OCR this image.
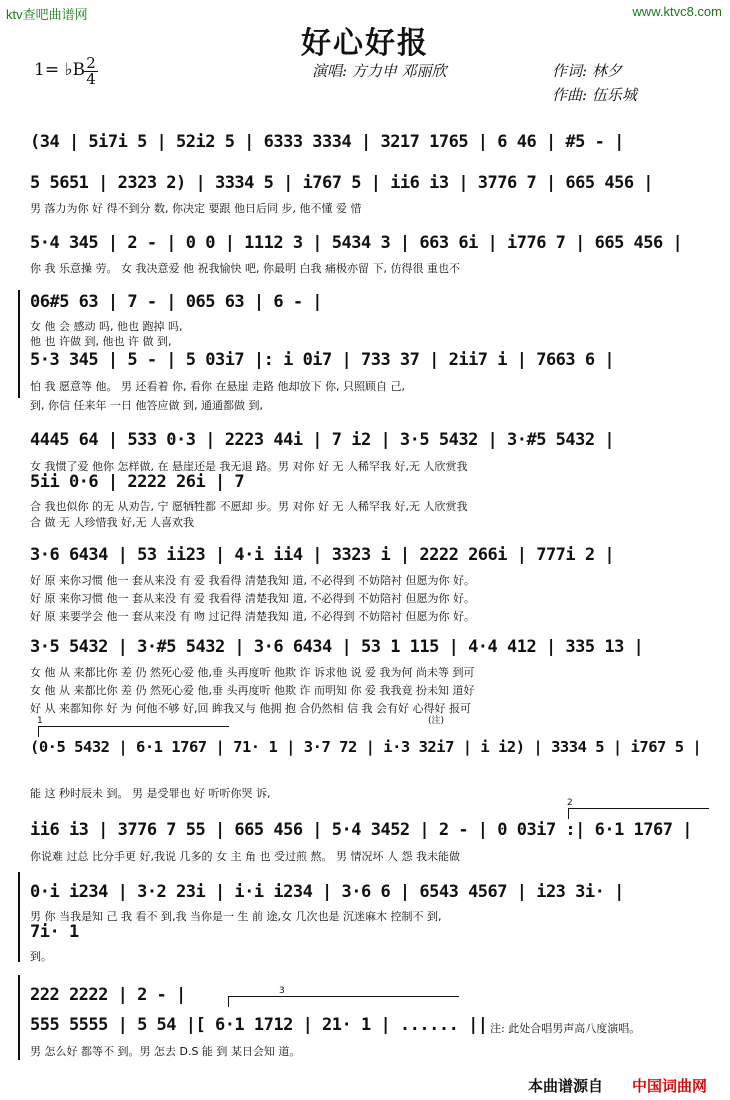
ktv查吧曲谱网	www.ktvc8.com
好心好报
1= ♭B 2
4	演唱: 方力申 邓丽欣	作词: 林夕
作曲: 伍乐城
(34 | 5i7i 5 | 52i2 5 | 6333 3334 | 3217 1765 | 6 46 | #5 - |
5 5651 | 2323 2) | 3334 5 | i767 5 | ii6 i3 | 3776 7 | 665 456 |
男 落力为你 好 得不到分 数, 你决定 要跟 他日后同 步, 他不懂 爱 惜
5·4 345 | 2 - | 0 0 | 1112 3 | 5434 3 | 663 6i | i776 7 | 665 456 |
你 我 乐意操 劳。 女 我决意爱 他 祝我愉快 吧, 你最明 白我 痛极亦留 下, 仿得很 重也不
06#5 63 | 7 - | 065 63 | 6 - |
女 他 会 感动 吗, 他也 跑掉 吗,
他 也 许做 到, 他也 许 做 到,
5·3 345 | 5 - | 5 03i7 |: i 0i7 | 733 37 | 2ii7 i | 7663 6 |
怕 我 愿意等 他。 男 还看着 你, 看你 在悬崖 走路 他却放下 你, 只照顾自 己,
到, 你信 任来年 一日 他答应做 到, 通通都做 到,
4445 64 | 533 0·3 | 2223 44i | 7 i2 | 3·5 5432 | 3·#5 5432 |
女 我惯了爱 他你 怎样做, 在 悬崖还是 我无退 路。男 对你 好 无 人稀罕我 好,无 人欣赏我
5ii 0·6 | 2222 26i | 7
合 我也似你 的无 从劝告, 宁 愿牺牲都 不愿却 步。男 对你 好 无 人稀罕我 好,无 人欣赏我
合 做 无 人珍惜我 好,无 人喜欢我
3·6 6434 | 53 ii23 | 4·i ii4 | 3323 i | 2222 266i | 777i 2 |
好 原 来你习惯 他一 套从来没 有 爱 我看得 清楚我知 道, 不必得到 不妨陪衬 但愿为你 好。
好 原 来你习惯 他一 套从来没 有 爱 我看得 清楚我知 道, 不必得到 不妨陪衬 但愿为你 好。
好 原 来要学会 他一 套从来没 有 吻 过记得 清楚我知 道, 不必得到 不妨陪衬 但愿为你 好。
3·5 5432 | 3·#5 5432 | 3·6 6434 | 53 1 115 | 4·4 412 | 335 13 |
女 他 从 来都比你 差 仍 然死心爱 他,垂 头再度听 他欺 诈 诉求他 说 爱 我为何 尚未等 到可
女 他 从 来都比你 差 仍 然死心爱 他,垂 头再度听 他欺 诈 而明知 你 爱 我我竟 扮未知 道好
好 从 来都知你 好 为 何他不够 好,回 眸我又与 他拥 抱 合仍然相 信 我 会有好 心得好 报可
(0·5 5432 | 6·1 1767 | 71· 1 | 3·7 72 | i·3 32i7 | i i2) | 3334 5 | i767 5 |
能 这 秒时辰未 到。 男 是受罪也 好 听听你哭 诉,
ii6 i3 | 3776 7 55 | 665 456 | 5·4 3452 | 2 - | 0 03i7 :| 6·1 1767 |
你说难 过总 比分手更 好,我说 几多的 女 主 角 也 受过煎 熬。 男 情况坏 人 怨 我未能做
0·i i234 | 3·2 23i | i·i i234 | 3·6 6 | 6543 4567 | i23 3i· |
男 你 当我是知 己 我 看不 到,我 当你是一 生 前 途,女 几次也是 沉迷麻木 控制不 到,
7i· 1
到。
222 2222 | 2 - |
555 5555 | 5 54 |[ 6·1 1712 | 21· 1 | ...... ||
男 怎么好 都等不 到。男 怎去 D.S 能 到 某日会知 道。
1
2
3
(注)
注: 此处合唱男声高八度演唱。
本曲谱源自 中国词曲网
